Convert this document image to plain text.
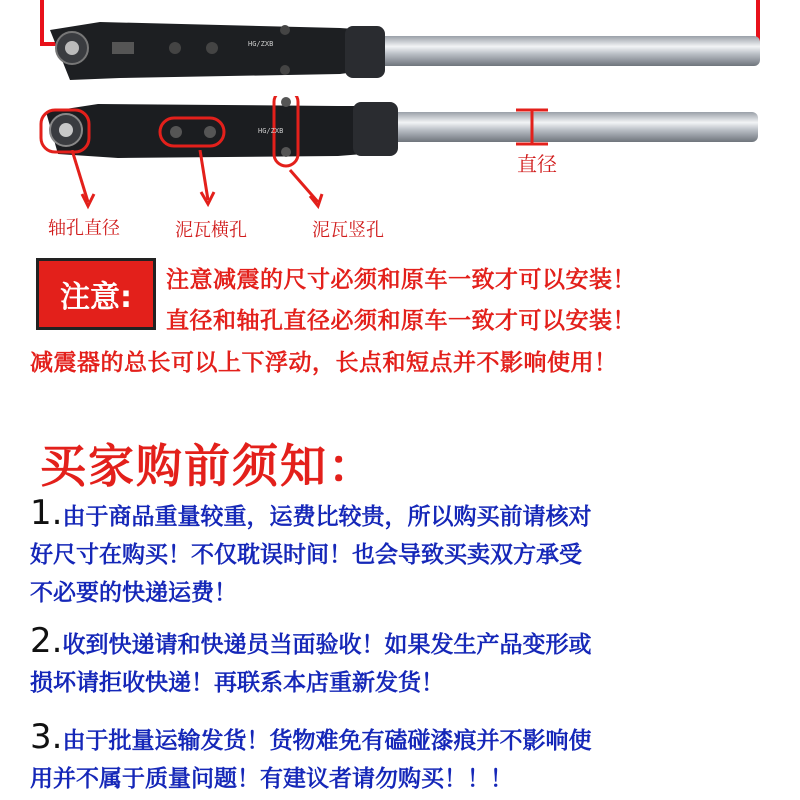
HG/ZXB
HG/ZXB
直径
轴孔直径	泥瓦横孔	泥瓦竖孔
注意:	注意减震的尺寸必须和原车一致才可以安装！
直径和轴孔直径必须和原车一致才可以安装！
减震器的总长可以上下浮动，长点和短点并不影响使用！
买家购前须知：
1.由于商品重量较重，运费比较贵，所以购买前请核对
好尺寸在购买！不仅耽误时间！也会导致买卖双方承受
不必要的快递运费！
2.收到快递请和快递员当面验收！如果发生产品变形或
损坏请拒收快递！再联系本店重新发货！
3.由于批量运输发货！货物难免有磕碰漆痕并不影响使
用并不属于质量问题！有建议者请勿购买！！！
